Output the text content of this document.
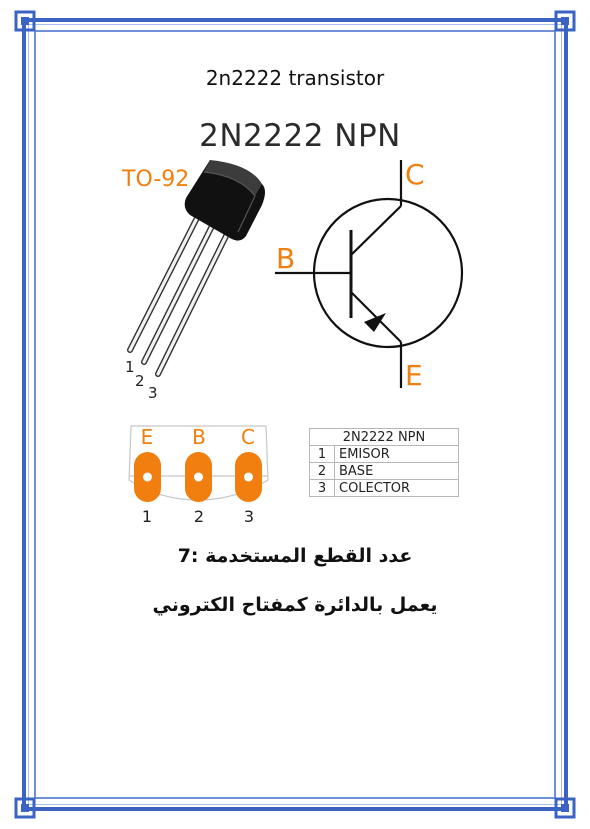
2n2222 transistor
2N2222 NPN
TO-92
1
2
3
C
B
E
E B C
1	2 3
2N2222 NPN	
1	EMISOR
2	BASE
3	COLECTOR
عدد القطع المستخدمة :7
يعمل بالدائرة كمفتاح الكتروني
